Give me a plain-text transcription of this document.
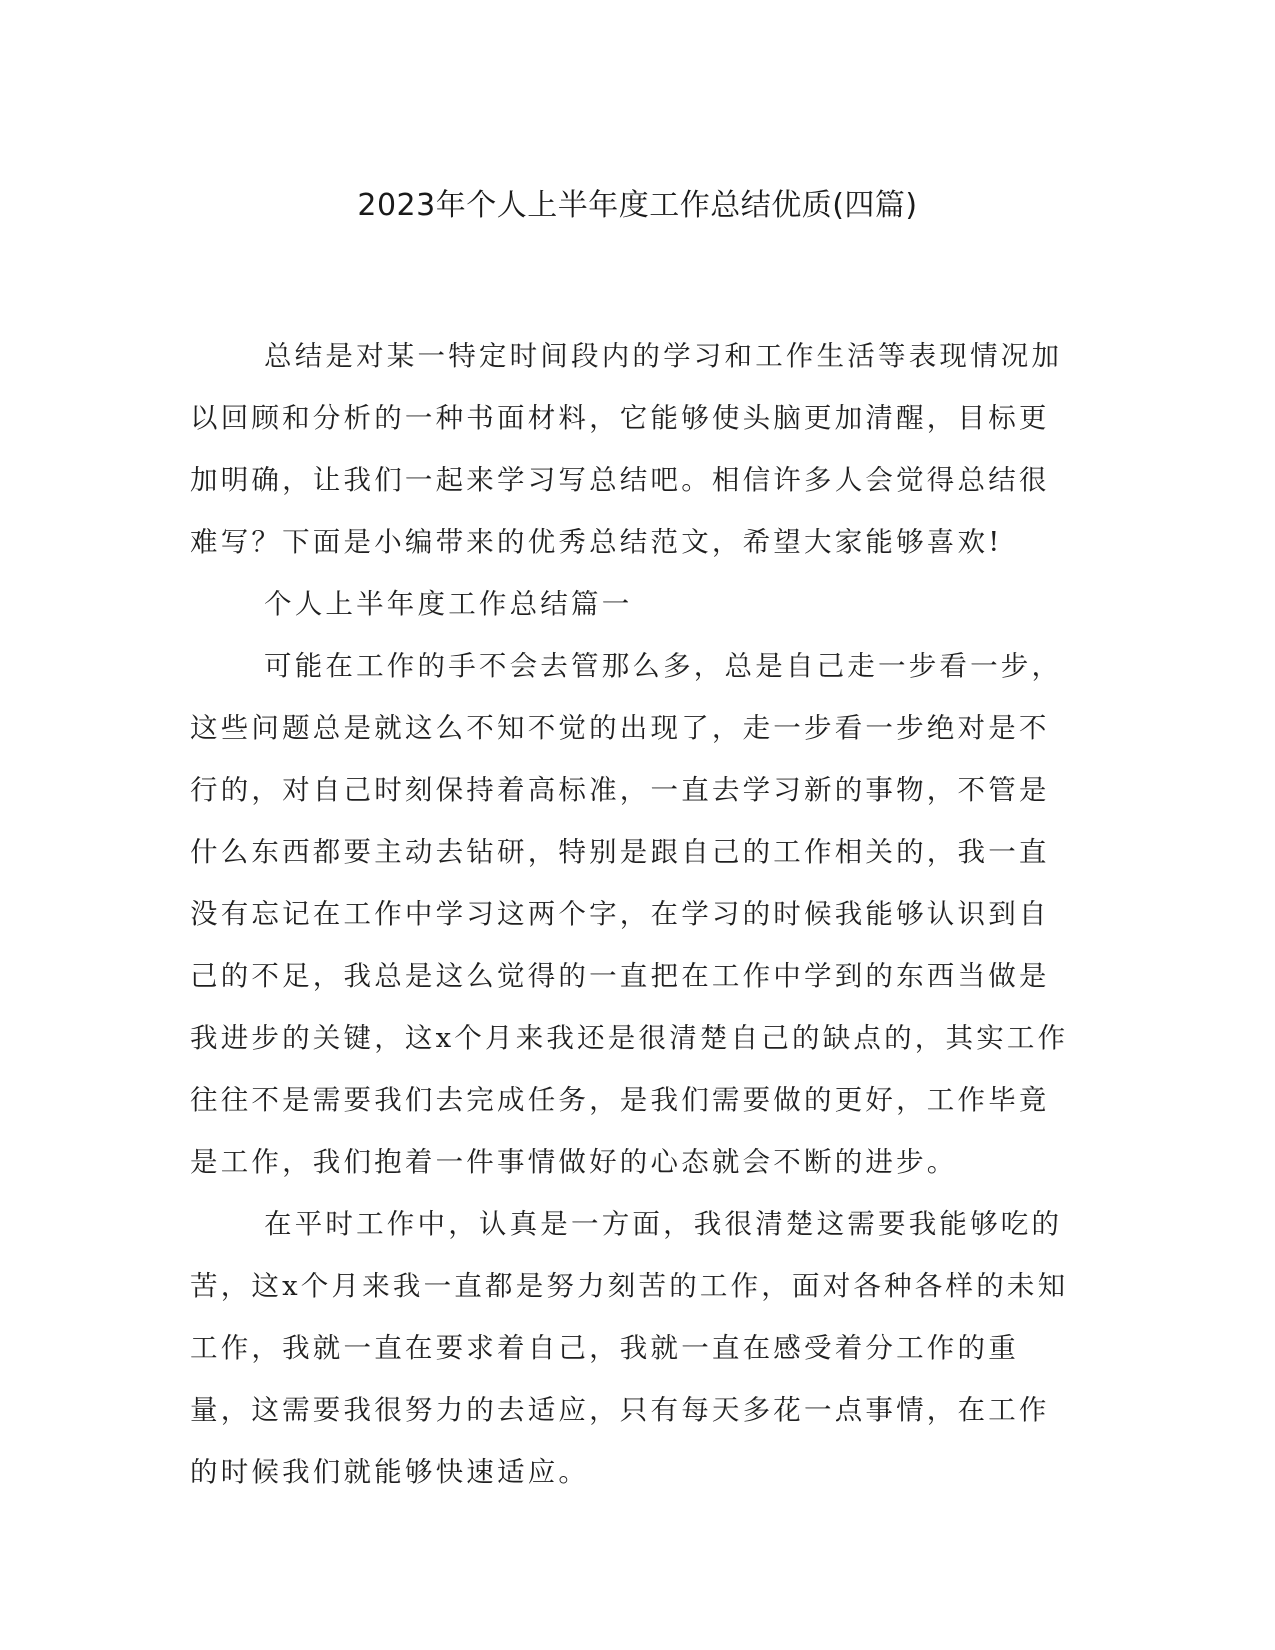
2023年个人上半年度工作总结优质(四篇)

总结是对某一特定时间段内的学习和工作生活等表现情况加以回顾和分析的一种书面材料，它能够使头脑更加清醒，目标更加明确，让我们一起来学习写总结吧。相信许多人会觉得总结很难写？下面是小编带来的优秀总结范文，希望大家能够喜欢!

个人上半年度工作总结篇一

可能在工作的手不会去管那么多，总是自己走一步看一步，这些问题总是就这么不知不觉的出现了，走一步看一步绝对是不行的，对自己时刻保持着高标准，一直去学习新的事物，不管是什么东西都要主动去钻研，特别是跟自己的工作相关的，我一直没有忘记在工作中学习这两个字，在学习的时候我能够认识到自己的不足，我总是这么觉得的一直把在工作中学到的东西当做是我进步的关键，这x个月来我还是很清楚自己的缺点的，其实工作往往不是需要我们去完成任务，是我们需要做的更好，工作毕竟是工作，我们抱着一件事情做好的心态就会不断的进步。

在平时工作中，认真是一方面，我很清楚这需要我能够吃的苦，这x个月来我一直都是努力刻苦的工作，面对各种各样的未知工作，我就一直在要求着自己，我就一直在感受着分工作的重量，这需要我很努力的去适应，只有每天多花一点事情，在工作的时候我们就能够快速适应。
